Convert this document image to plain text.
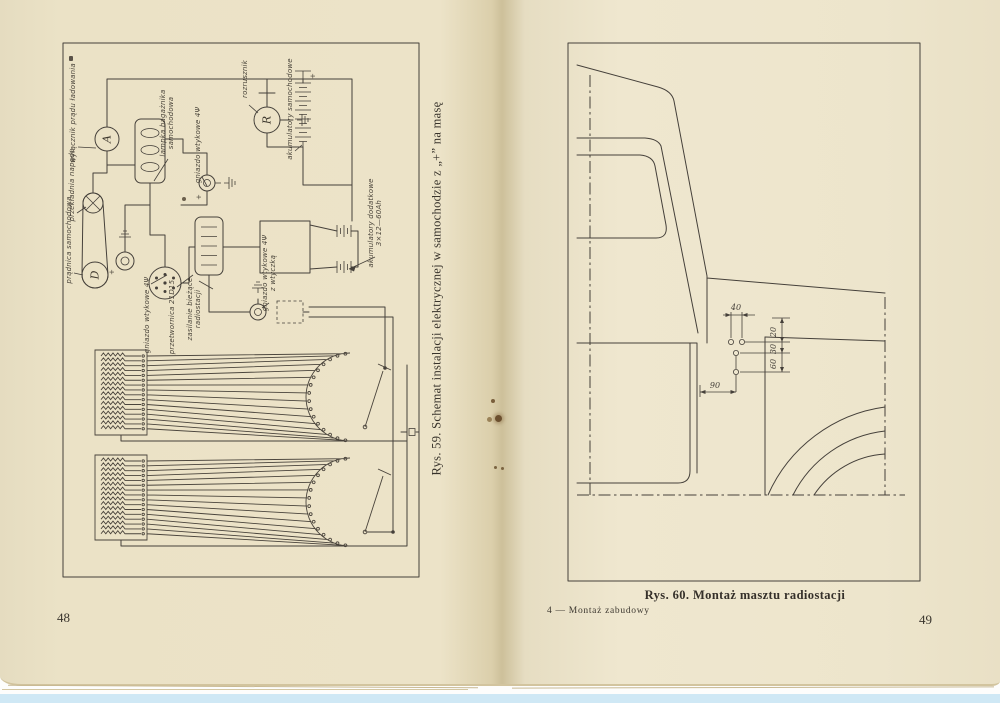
A
D
+
+
R
+
wyłącznik prądu ładowania
przekładnia napędu
prądnica samochodowa
lampka bagażnika samochodowa	gniazdo wtykowe 4Ψ
rozrusznik	akumulatory samochodowe
gniazdo wtykowe 4Ψ przetwornica 21D15 zasilanie bieżące radiostacji
akumulatory dodatkowe 3×12—60Ah
gniazdo wtykowe 4Ψ z wtyczką	Rys. 59. Schemat instalacji elektrycznej w samochodzie z „+” na masę
48
40
20
30
60
90
Rys. 60. Montaż masztu radiostacji
4 — Montaż zabudowy
49
